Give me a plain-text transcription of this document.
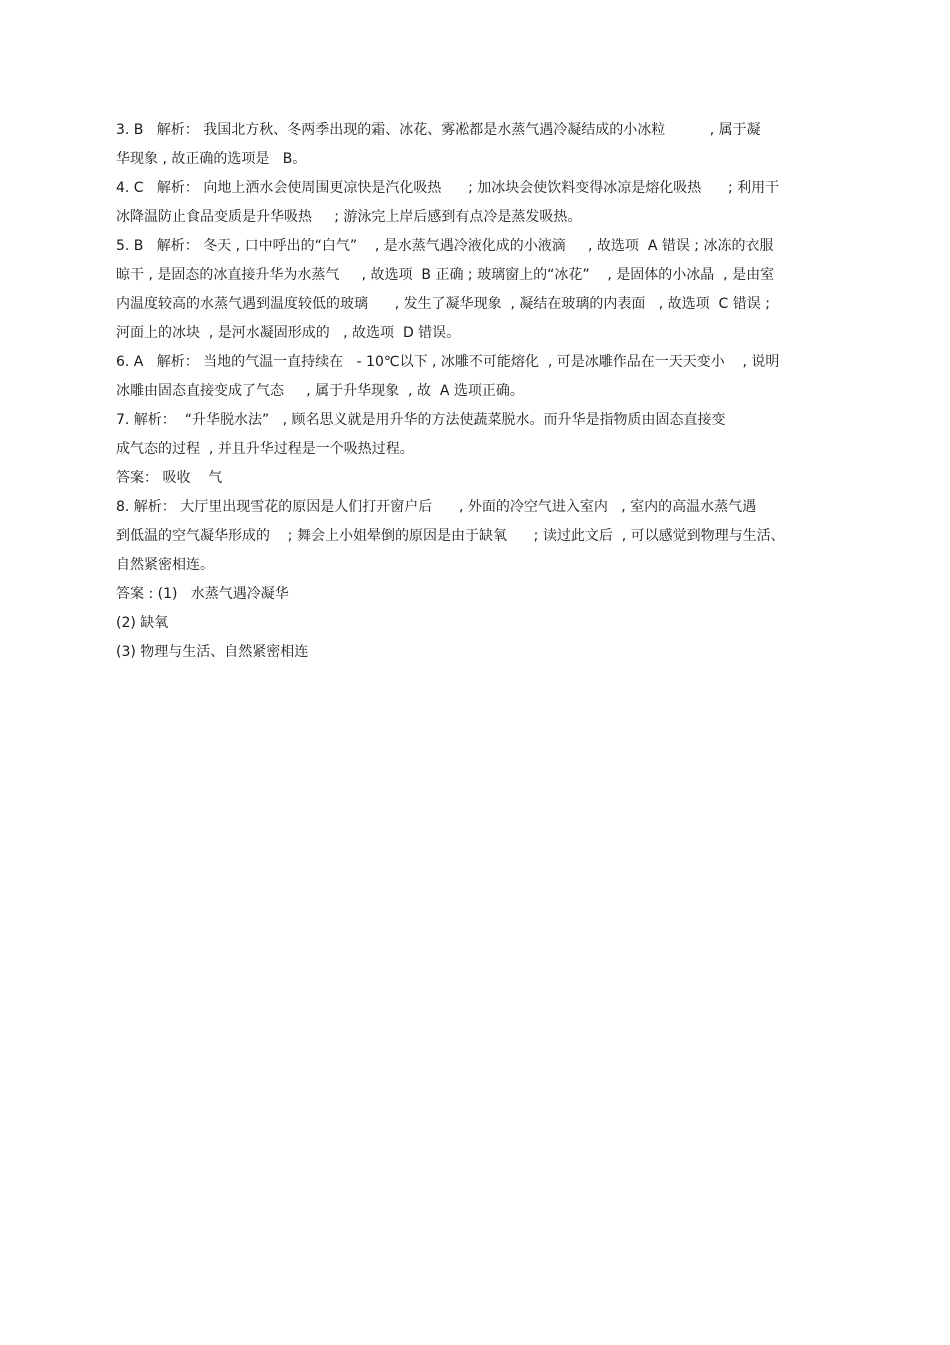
3. B   解析： 我国北方秋、冬两季出现的霜、冰花、雾凇都是水蒸气遇冷凝结成的小冰粒          , 属于凝
华现象 , 故正确的选项是   B。
4. C   解析： 向地上洒水会使周围更凉快是汽化吸热      ; 加冰块会使饮料变得冰凉是熔化吸热      ; 利用干
冰降温防止食品变质是升华吸热     ; 游泳完上岸后感到有点冷是蒸发吸热。
5. B   解析： 冬天 , 口中呼出的“白气”    , 是水蒸气遇冷液化成的小液滴     , 故选项  A 错误 ; 冰冻的衣服
晾干 , 是固态的冰直接升华为水蒸气     , 故选项  B 正确 ; 玻璃窗上的“冰花”    , 是固体的小冰晶  , 是由室
内温度较高的水蒸气遇到温度较低的玻璃      , 发生了凝华现象  , 凝结在玻璃的内表面   , 故选项  C 错误 ;
河面上的冰块  , 是河水凝固形成的   , 故选项  D 错误。
6. A   解析： 当地的气温一直持续在   - 10℃以下 , 冰雕不可能熔化  , 可是冰雕作品在一天天变小    , 说明
冰雕由固态直接变成了气态     , 属于升华现象  , 故  A 选项正确。
7. 解析：  “升华脱水法”   , 顾名思义就是用升华的方法使蔬菜脱水。而升华是指物质由固态直接变
成气态的过程  , 并且升华过程是一个吸热过程。
答案： 吸收    气
8. 解析： 大厅里出现雪花的原因是人们打开窗户后      , 外面的冷空气进入室内   , 室内的高温水蒸气遇
到低温的空气凝华形成的    ; 舞会上小姐晕倒的原因是由于缺氧      ; 读过此文后  , 可以感觉到物理与生活、
自然紧密相连。
答案 : (1)   水蒸气遇冷凝华
(2) 缺氧
(3) 物理与生活、自然紧密相连
